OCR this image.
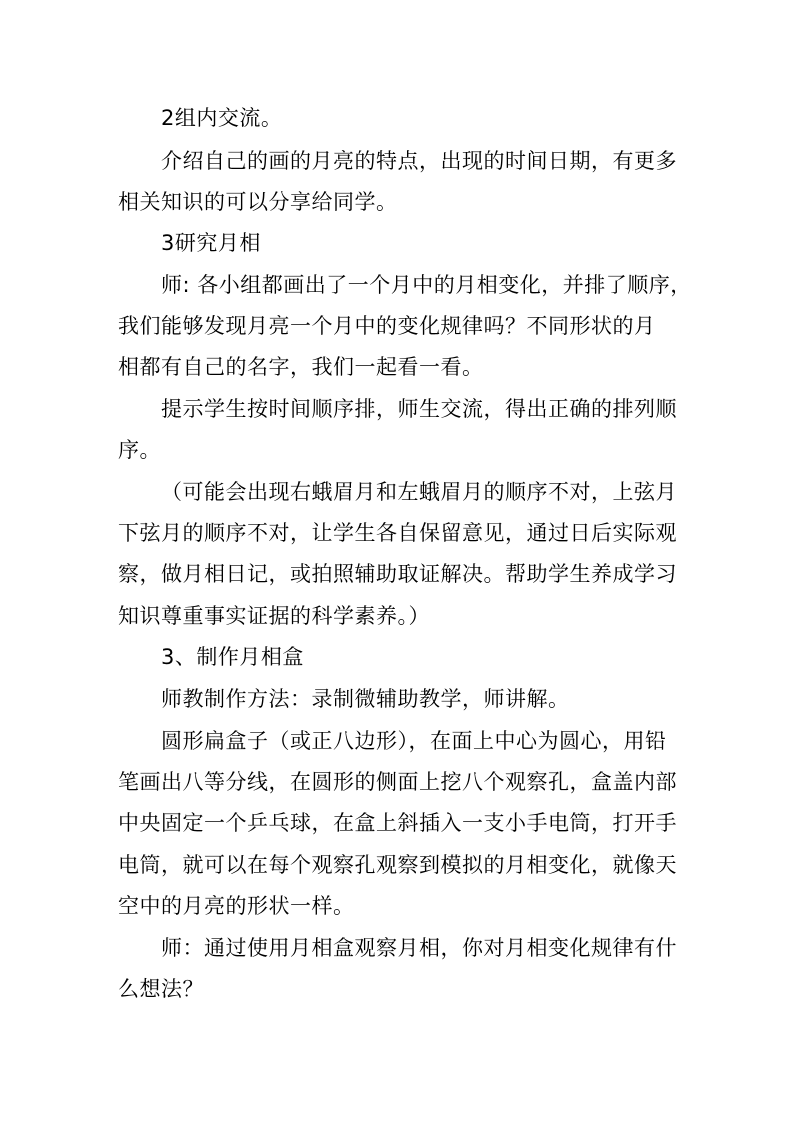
2组内交流。
介绍自己的画的月亮的特点，出现的时间日期，有更多
相关知识的可以分享给同学。
3研究月相
师: 各小组都画出了一个月中的月相变化，并排了顺序，
我们能够发现月亮一个月中的变化规律吗？不同形状的月
相都有自己的名字，我们一起看一看。
提示学生按时间顺序排，师生交流，得出正确的排列顺
序。
（可能会出现右蛾眉月和左蛾眉月的顺序不对，上弦月
下弦月的顺序不对，让学生各自保留意见，通过日后实际观
察，做月相日记，或拍照辅助取证解决。帮助学生养成学习
知识尊重事实证据的科学素养。）
3、制作月相盒
师教制作方法：录制微辅助教学，师讲解。
圆形扁盒子（或正八边形），在面上中心为圆心，用铅
笔画出八等分线，在圆形的侧面上挖八个观察孔，盒盖内部
中央固定一个乒乓球，在盒上斜插入一支小手电筒，打开手
电筒，就可以在每个观察孔观察到模拟的月相变化，就像天
空中的月亮的形状一样。
师：通过使用月相盒观察月相，你对月相变化规律有什
么想法？
